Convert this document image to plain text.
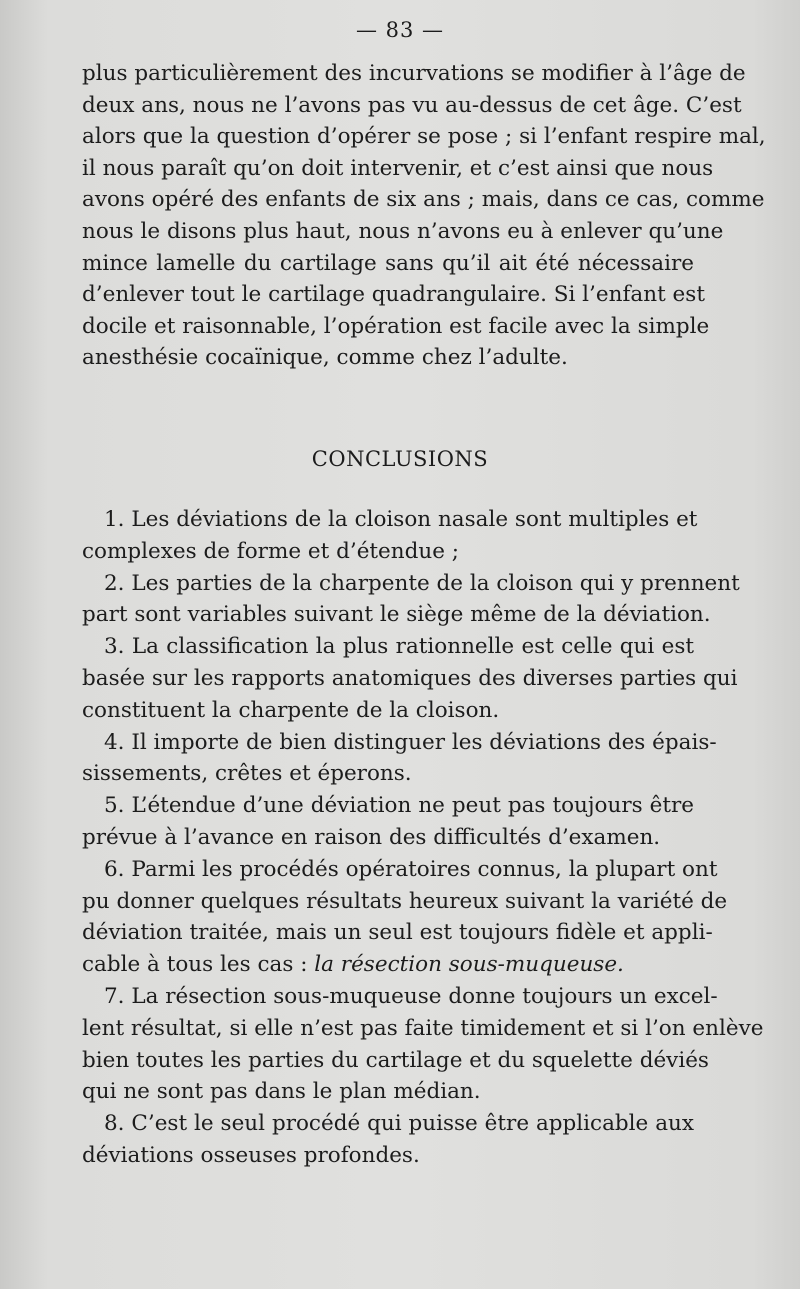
— 83 —
plus particulièrement des incurvations se modifier à l’âge de
deux ans, nous ne l’avons pas vu au-dessus de cet âge. C’est
alors que la question d’opérer se pose ; si l’enfant respire mal,
il nous paraît qu’on doit intervenir, et c’est ainsi que nous
avons opéré des enfants de six ans ; mais, dans ce cas, comme
nous le disons plus haut, nous n’avons eu à enlever qu’une
mince lamelle du cartilage sans qu’il ait été nécessaire
d’enlever tout le cartilage quadrangulaire. Si l’enfant est
docile et raisonnable, l’opération est facile avec la simple
anesthésie cocaïnique, comme chez l’adulte.
CONCLUSIONS
1. Les déviations de la cloison nasale sont multiples et
complexes de forme et d’étendue ;
2. Les parties de la charpente de la cloison qui y prennent
part sont variables suivant le siège même de la déviation.
3. La classification la plus rationnelle est celle qui est
basée sur les rapports anatomiques des diverses parties qui
constituent la charpente de la cloison.
4. Il importe de bien distinguer les déviations des épais-
sissements, crêtes et éperons.
5. L’étendue d’une déviation ne peut pas toujours être
prévue à l’avance en raison des difficultés d’examen.
6. Parmi les procédés opératoires connus, la plupart ont
pu donner quelques résultats heureux suivant la variété de
déviation traitée, mais un seul est toujours fidèle et appli-
cable à tous les cas : la résection sous-muqueuse.
7. La résection sous-muqueuse donne toujours un excel-
lent résultat, si elle n’est pas faite timidement et si l’on enlève
bien toutes les parties du cartilage et du squelette déviés
qui ne sont pas dans le plan médian.
8. C’est le seul procédé qui puisse être applicable aux
déviations osseuses profondes.
